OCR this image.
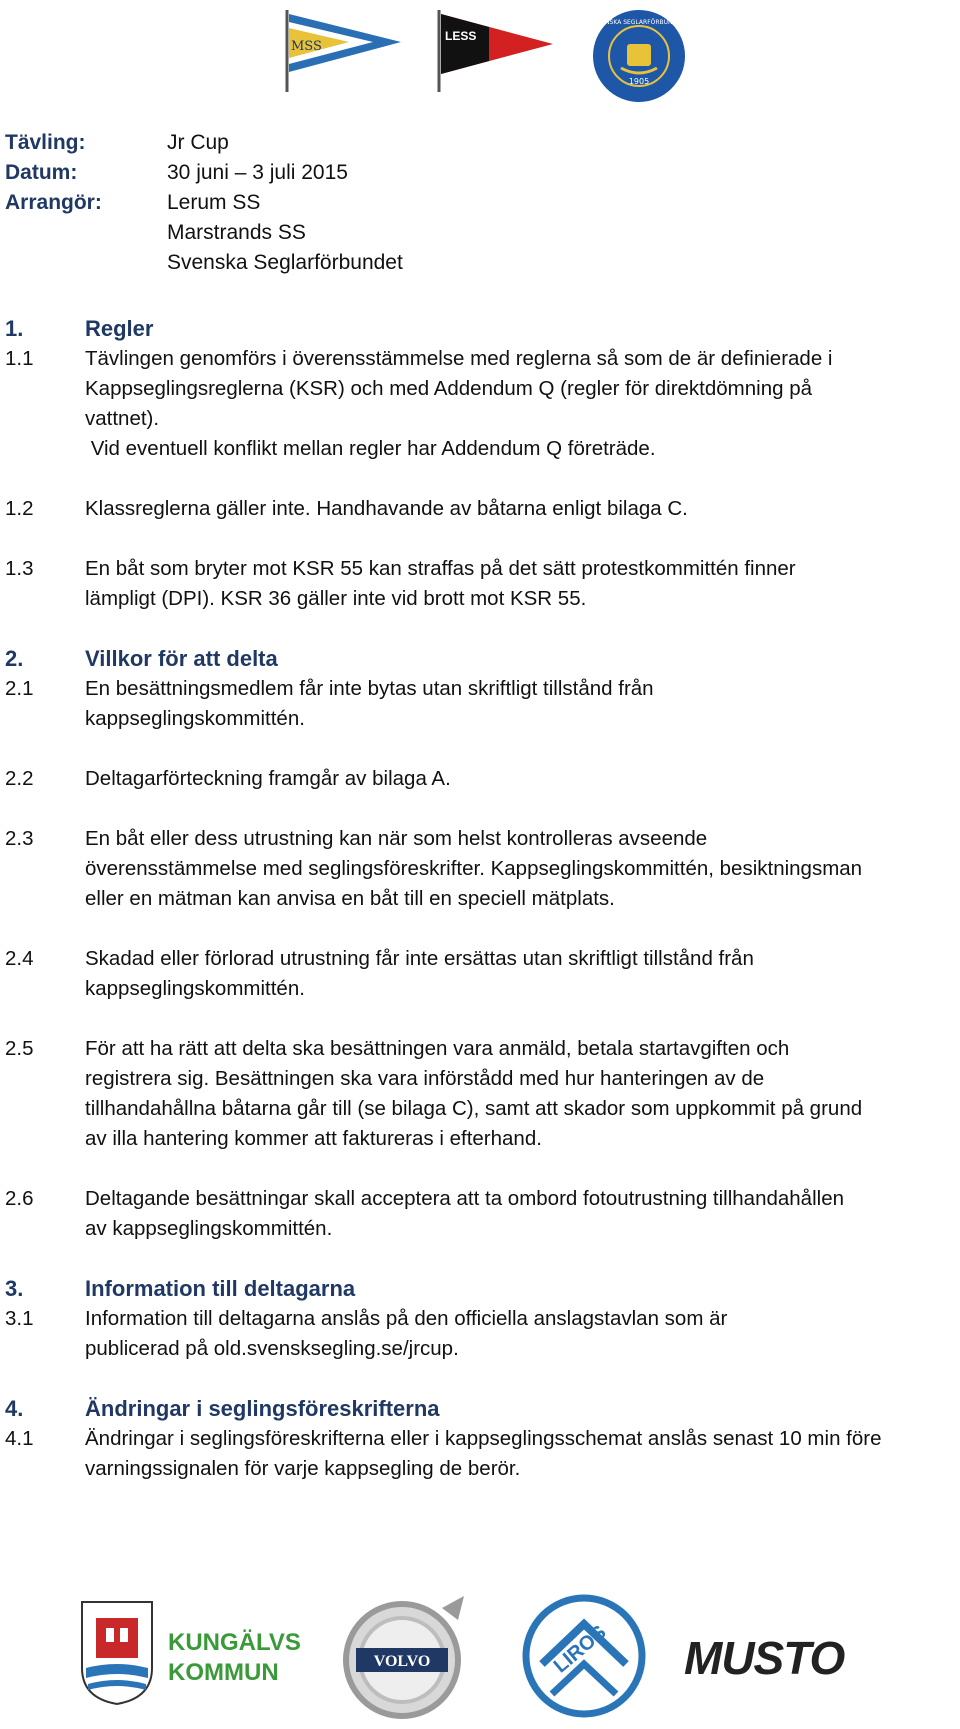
MSS
LESS
SVENSKA SEGLARFÖRBUNDET
1905
Tävling:	Jr Cup
Datum:	30 juni – 3 juli 2015
Arrangör:	Lerum SS
Marstrands SS
Svenska Seglarförbundet
1.	Regler
1.1	Tävlingen genomförs i överensstämmelse med reglerna så som de är definierade i
Kappseglingsreglerna (KSR) och med Addendum Q (regler för direktdömning på
vattnet).
Vid eventuell konflikt mellan regler har Addendum Q företräde.
1.2	Klassreglerna gäller inte. Handhavande av båtarna enligt bilaga C.
1.3	En båt som bryter mot KSR 55 kan straffas på det sätt protestkommittén finner
lämpligt (DPI). KSR 36 gäller inte vid brott mot KSR 55.
2.	Villkor för att delta
2.1	En besättningsmedlem får inte bytas utan skriftligt tillstånd från
kappseglingskommittén.
2.2	Deltagarförteckning framgår av bilaga A.
2.3	En båt eller dess utrustning kan när som helst kontrolleras avseende
överensstämmelse med seglingsföreskrifter. Kappseglingskommittén, besiktningsman
eller en mätman kan anvisa en båt till en speciell mätplats.
2.4	Skadad eller förlorad utrustning får inte ersättas utan skriftligt tillstånd från
kappseglingskommittén.
2.5	För att ha rätt att delta ska besättningen vara anmäld, betala startavgiften och
registrera sig. Besättningen ska vara införstådd med hur hanteringen av de
tillhandahållna båtarna går till (se bilaga C), samt att skador som uppkommit på grund
av illa hantering kommer att faktureras i efterhand.
2.6	Deltagande besättningar skall acceptera att ta ombord fotoutrustning tillhandahållen
av kappseglingskommittén.
3.	Information till deltagarna
3.1	Information till deltagarna anslås på den officiella anslagstavlan som är
publicerad på old.svensksegling.se/jrcup.
4.	Ändringar i seglingsföreskrifterna
4.1	Ändringar i seglingsföreskrifterna eller i kappseglingsschemat anslås senast 10 min före
varningssignalen för varje kappsegling de berör.
KUNGÄLVS
KOMMUN	VOLVO	LIROS MUSTO
